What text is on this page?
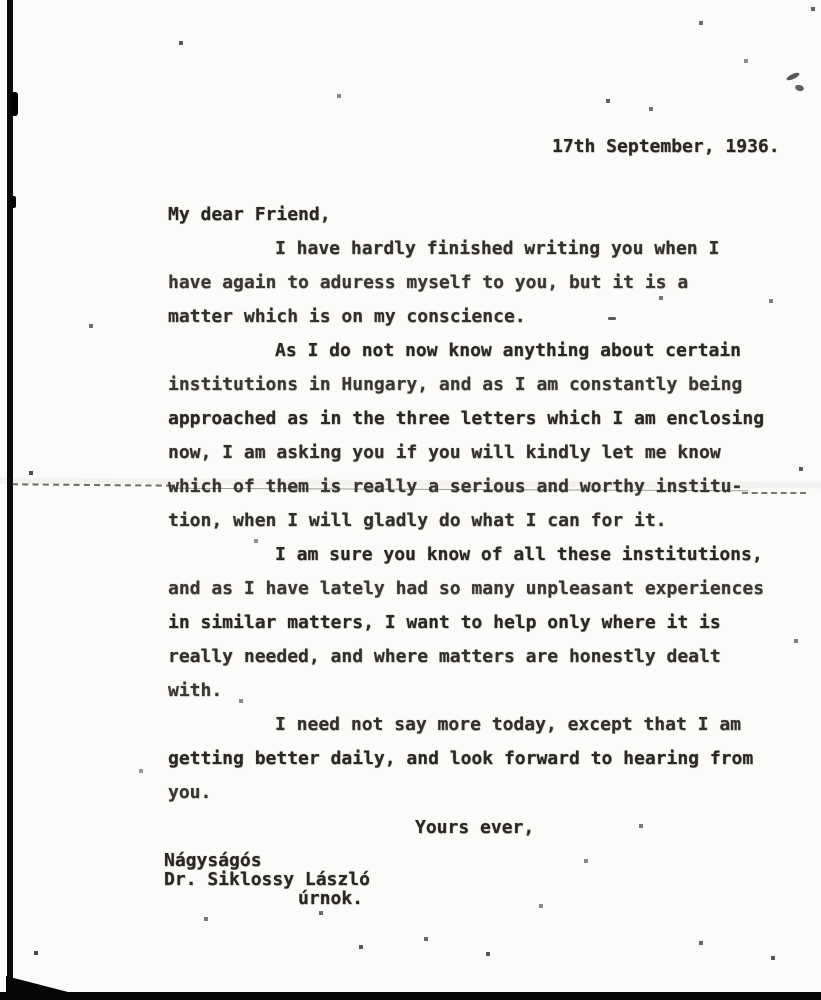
17th September, 1936.
My dear Friend,
I have hardly finished writing you when I
have again to aduress myself to you, but it is a
matter which is on my conscience.
As I do not now know anything about certain
institutions in Hungary, and as I am constantly being
approached as in the three letters which I am enclosing
now, I am asking you if you will kindly let me know
which of them is really a serious and worthy institu-
tion, when I will gladly do what I can for it.
I am sure you know of all these institutions,
and as I have lately had so many unpleasant experiences
in similar matters, I want to help only where it is
really needed, and where matters are honestly dealt
with.
I need not say more today, except that I am
getting better daily, and look forward to hearing from
you.
Yours ever,
Nágyságós
Dr. Siklossy László
úrnok.
